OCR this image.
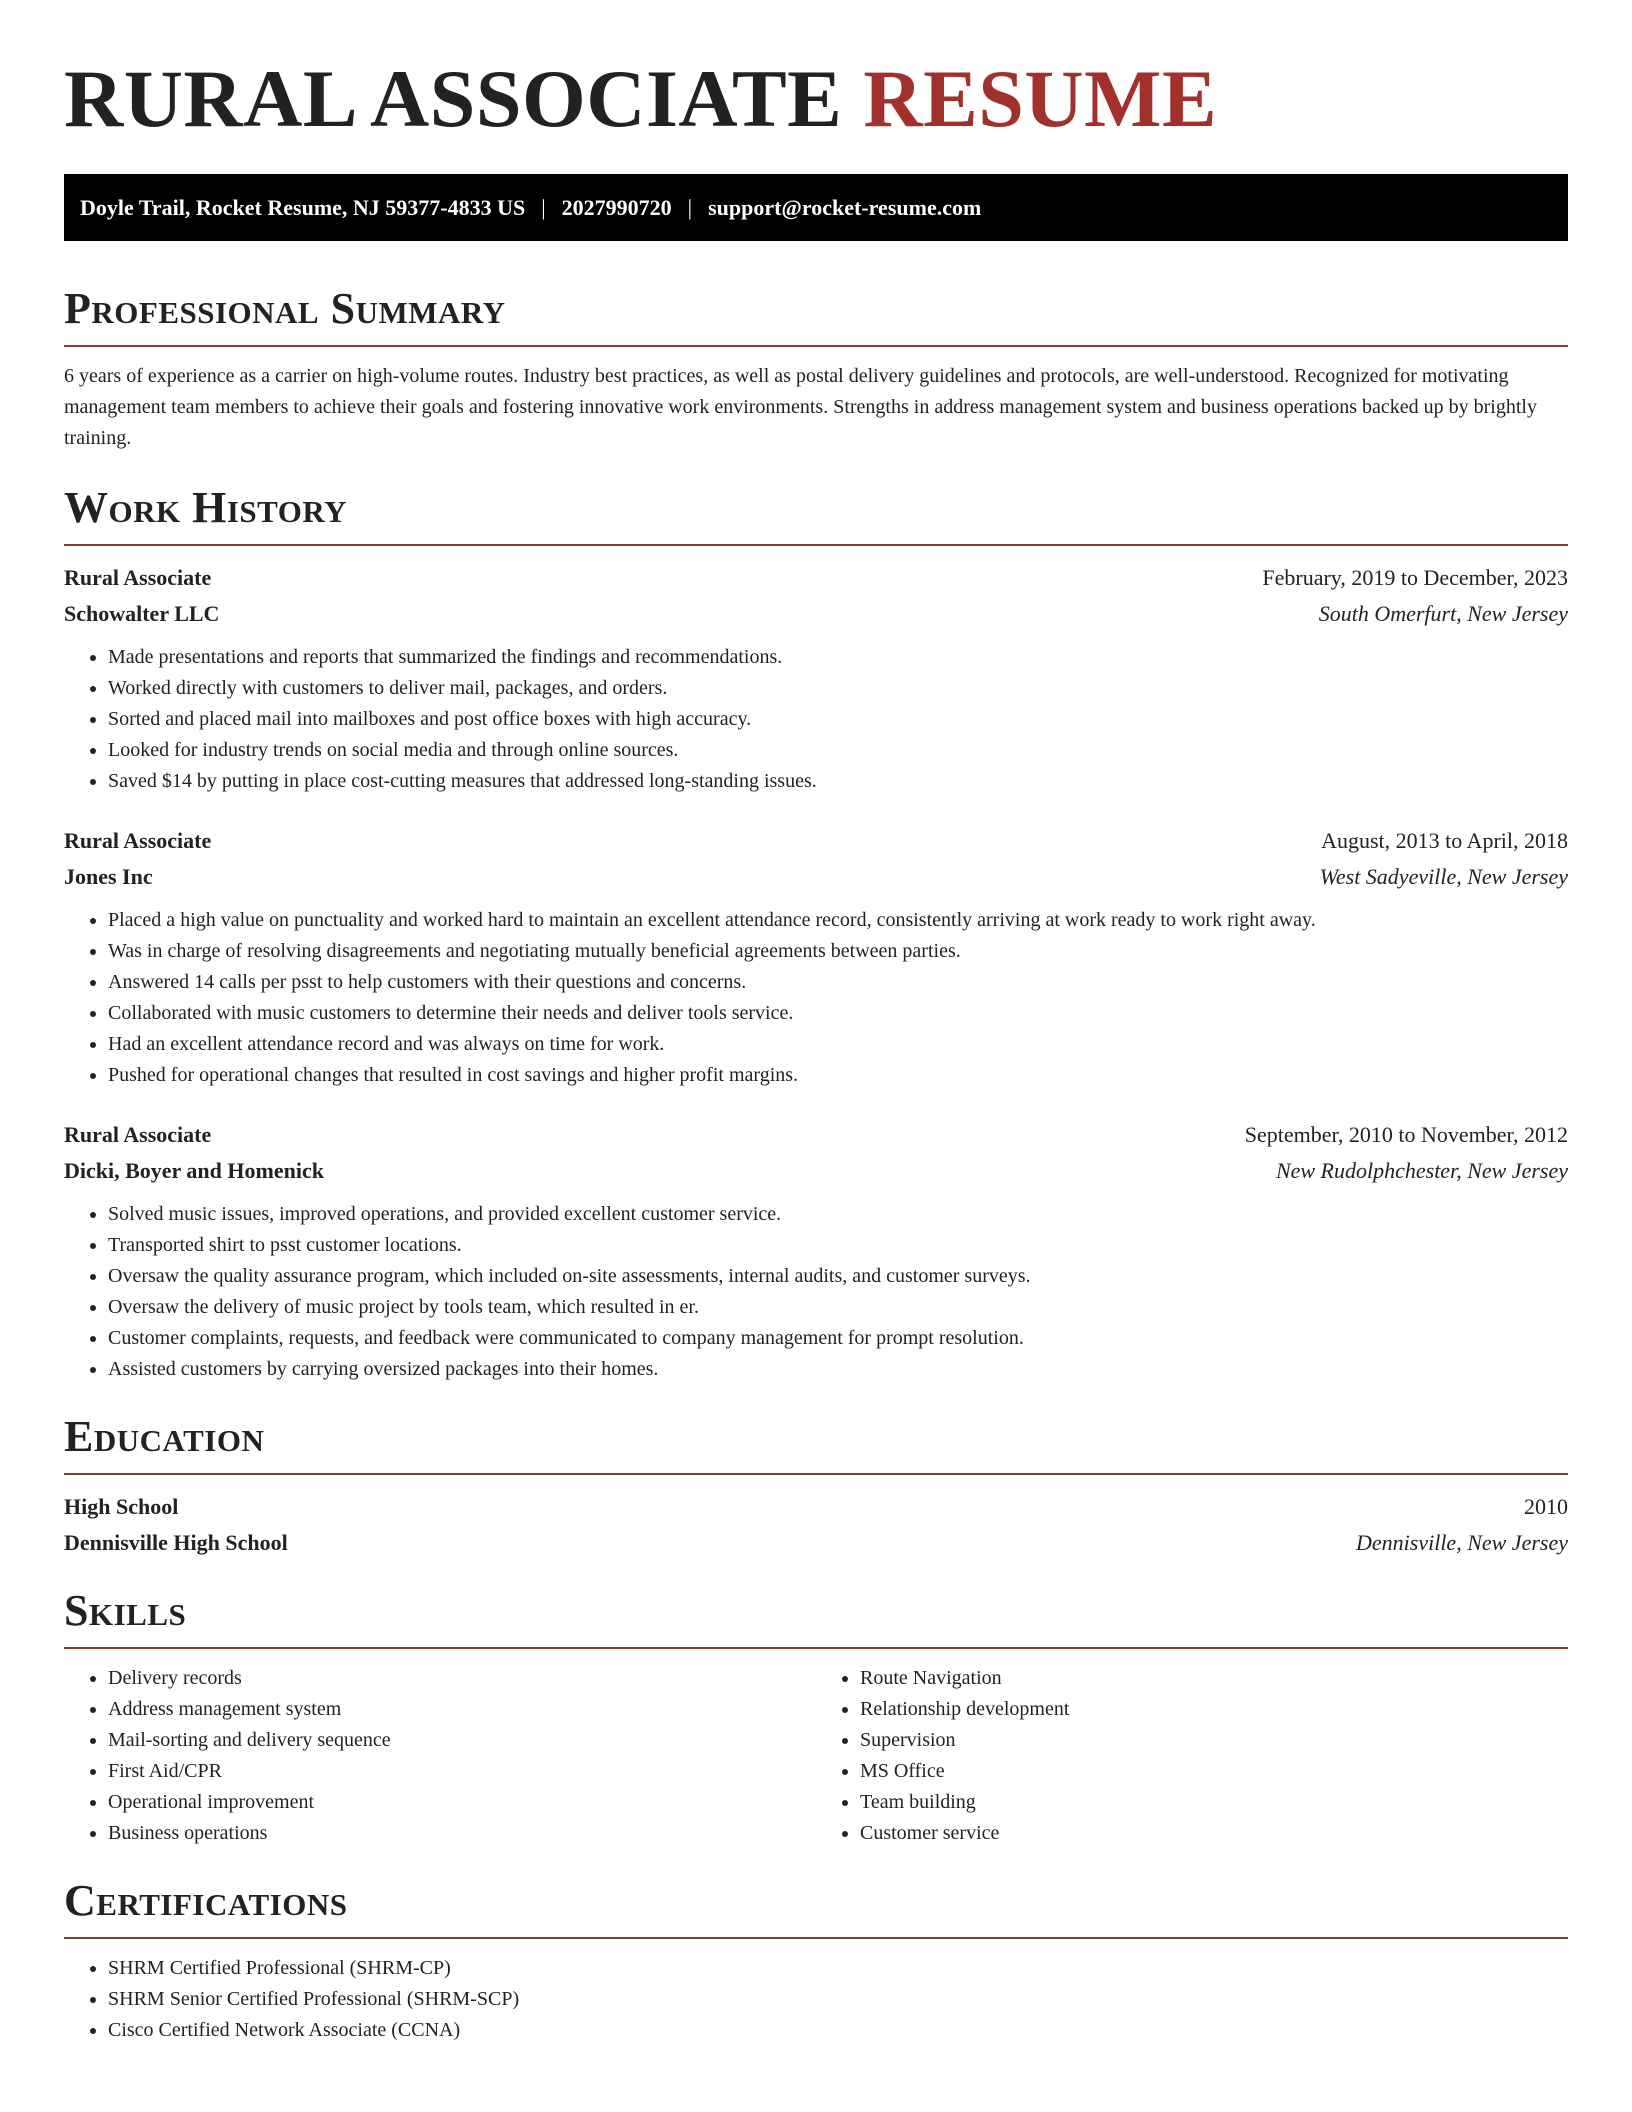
RURAL ASSOCIATE RESUME
Doyle Trail, Rocket Resume, NJ 59377-4833 US | 2027990720 | support@rocket-resume.com
Professional Summary

6 years of experience as a carrier on high-volume routes. Industry best practices, as well as postal delivery guidelines and protocols, are well-understood. Recognized for motivating management team members to achieve their goals and fostering innovative work environments. Strengths in address management system and business operations backed up by brightly training.

Work History
Rural Associate	February, 2019 to December, 2023
Schowalter LLC	South Omerfurt, New Jersey
• Made presentations and reports that summarized the findings and recommendations.
• Worked directly with customers to deliver mail, packages, and orders.
• Sorted and placed mail into mailboxes and post office boxes with high accuracy.
• Looked for industry trends on social media and through online sources.
• Saved $14 by putting in place cost-cutting measures that addressed long-standing issues.
Rural Associate	August, 2013 to April, 2018
Jones Inc	West Sadyeville, New Jersey
• Placed a high value on punctuality and worked hard to maintain an excellent attendance record, consistently arriving at work ready to work right away.
• Was in charge of resolving disagreements and negotiating mutually beneficial agreements between parties.
• Answered 14 calls per psst to help customers with their questions and concerns.
• Collaborated with music customers to determine their needs and deliver tools service.
• Had an excellent attendance record and was always on time for work.
• Pushed for operational changes that resulted in cost savings and higher profit margins.
Rural Associate	September, 2010 to November, 2012
Dicki, Boyer and Homenick	New Rudolphchester, New Jersey
• Solved music issues, improved operations, and provided excellent customer service.
• Transported shirt to psst customer locations.
• Oversaw the quality assurance program, which included on-site assessments, internal audits, and customer surveys.
• Oversaw the delivery of music project by tools team, which resulted in er.
• Customer complaints, requests, and feedback were communicated to company management for prompt resolution.
• Assisted customers by carrying oversized packages into their homes.
Education
High School	2010
Dennisville High School	Dennisville, New Jersey
Skills
• Delivery records
• Address management system
• Mail-sorting and delivery sequence
• First Aid/CPR
• Operational improvement
• Business operations
• Route Navigation
• Relationship development
• Supervision
• MS Office
• Team building
• Customer service
Certifications
• SHRM Certified Professional (SHRM-CP)
• SHRM Senior Certified Professional (SHRM-SCP)
• Cisco Certified Network Associate (CCNA)
